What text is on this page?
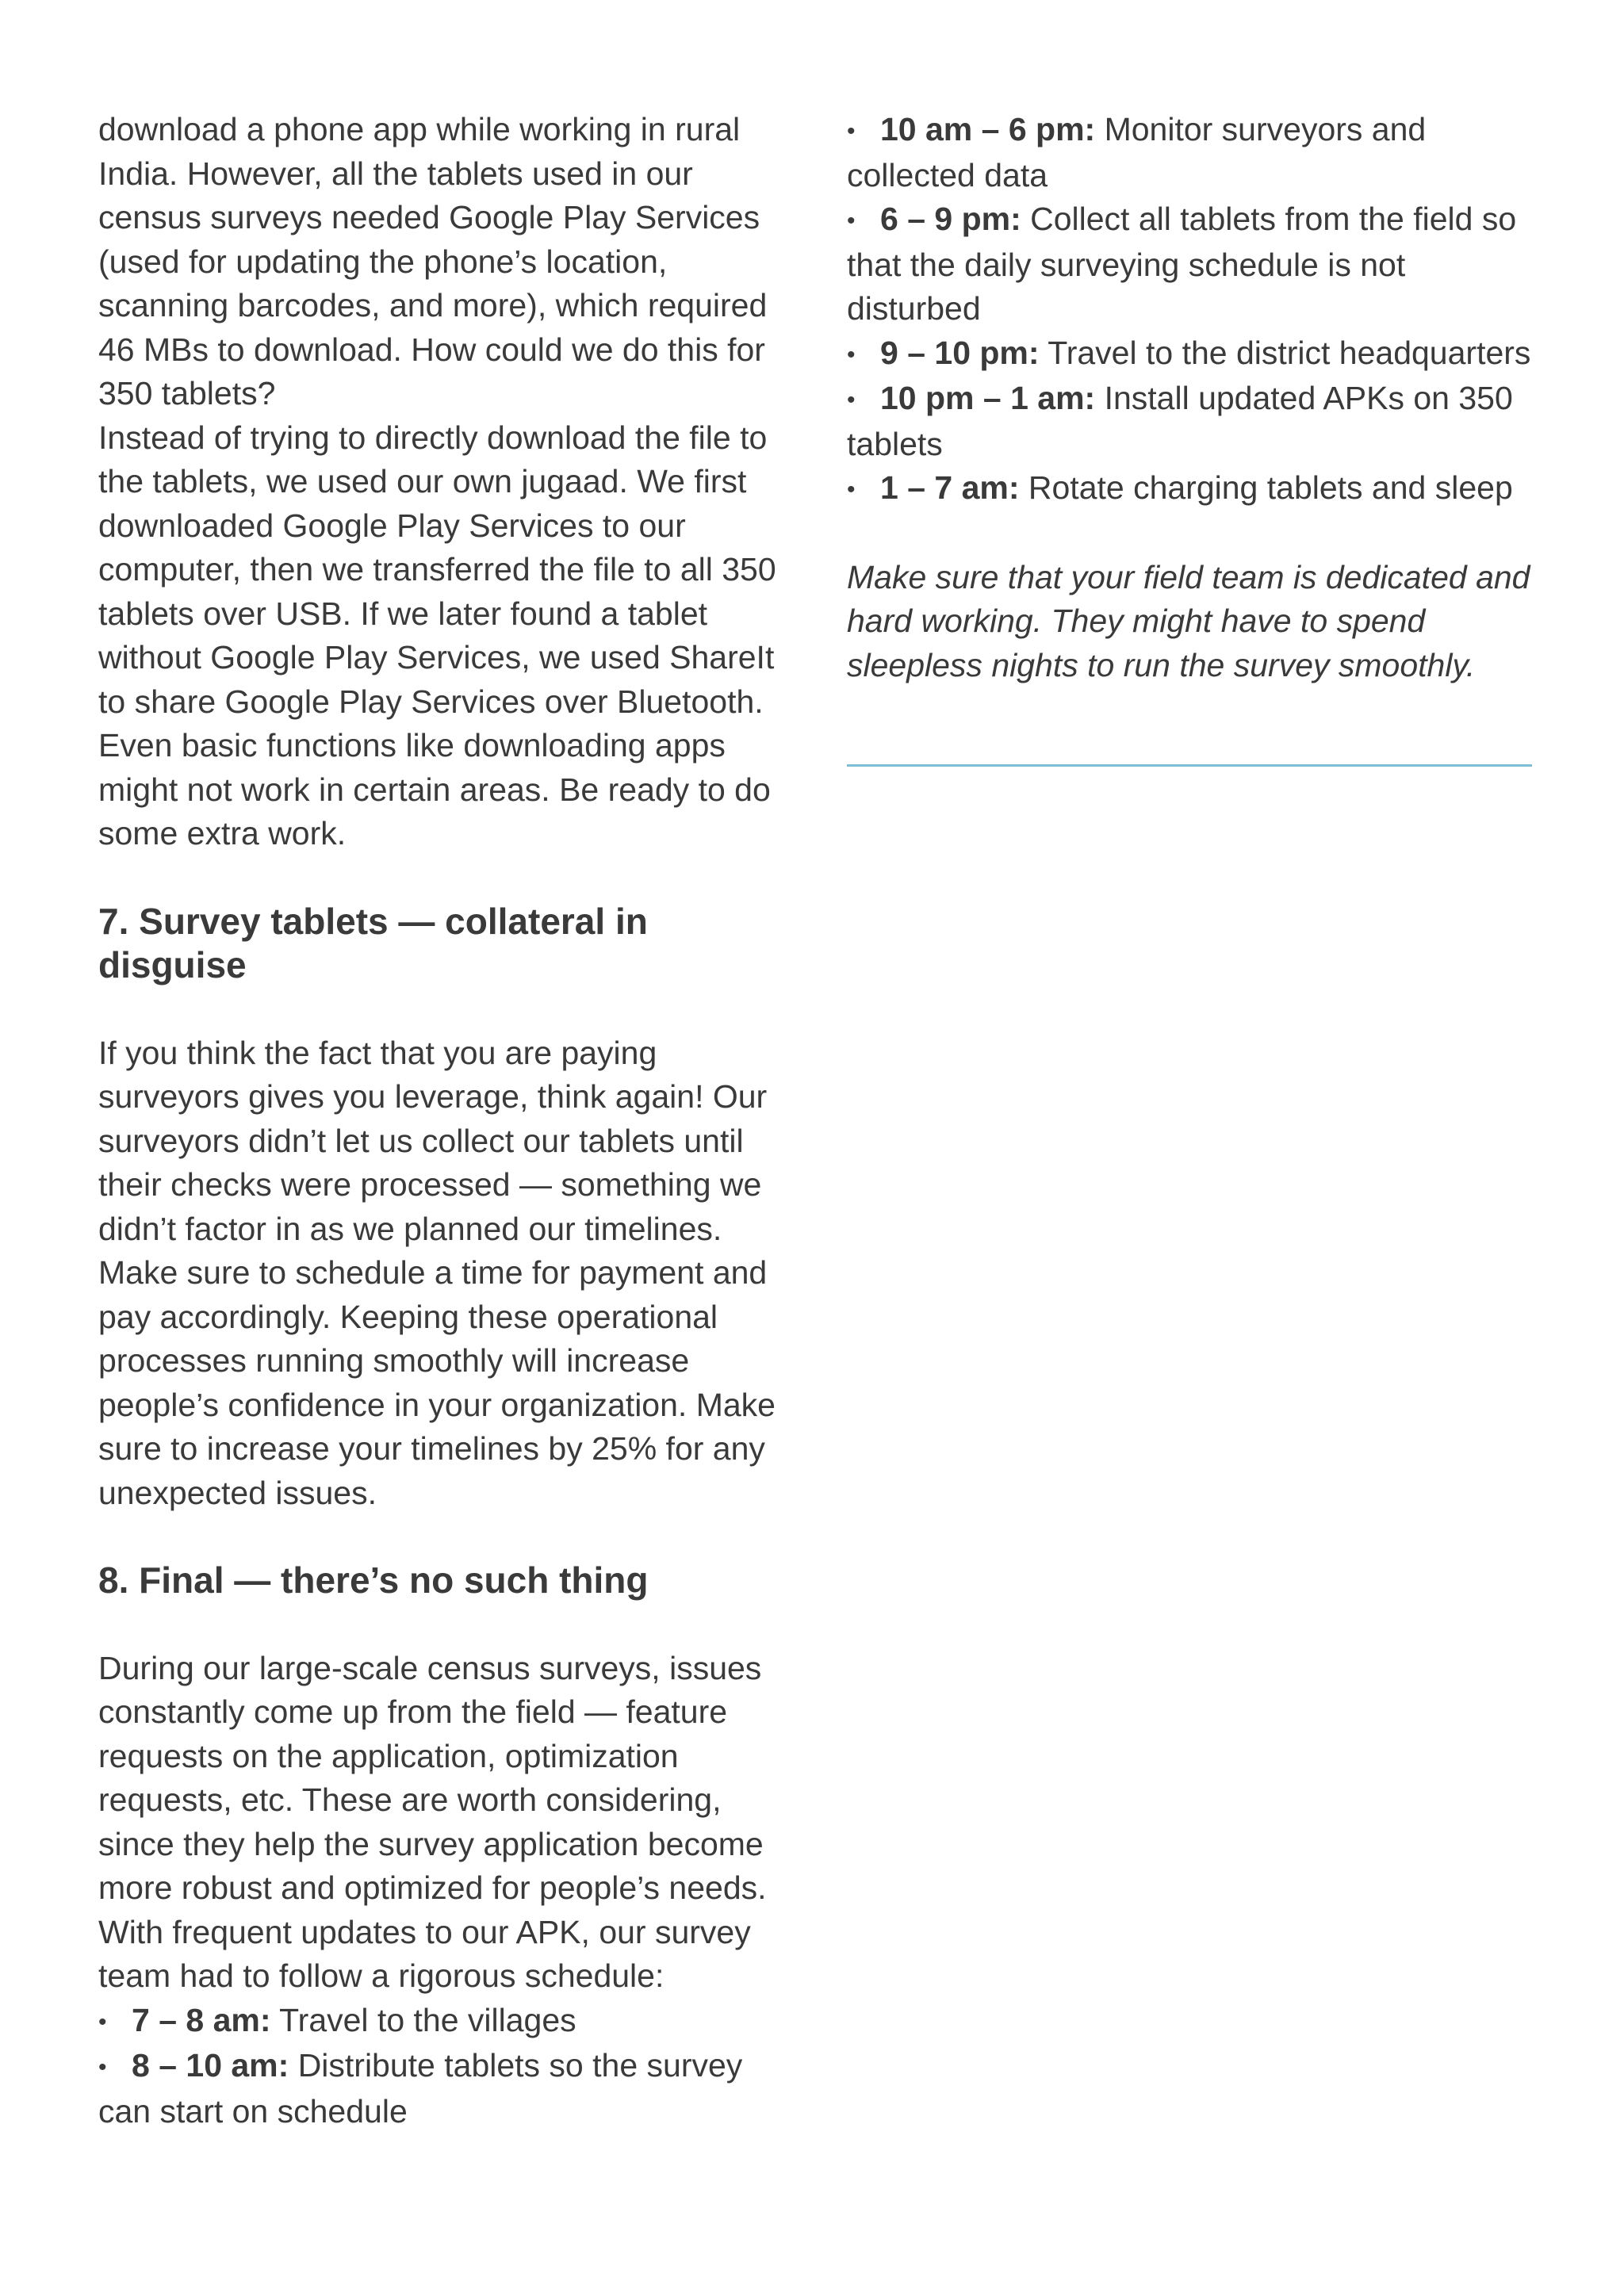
download a phone app while working in rural India. However, all the tablets used in our census surveys needed Google Play Services (used for updating the phone’s location, scanning barcodes, and more), which required 46 MBs to download. How could we do this for 350 tablets?

Instead of trying to directly download the file to the tablets, we used our own jugaad. We first downloaded Google Play Services to our computer, then we transferred the file to all 350 tablets over USB. If we later found a tablet without Google Play Services, we used ShareIt to share Google Play Services over Bluetooth.

Even basic functions like downloading apps might not work in certain areas. Be ready to do some extra work.

7. Survey tablets — collateral in disguise

If you think the fact that you are paying surveyors gives you leverage, think again! Our surveyors didn’t let us collect our tablets until their checks were processed — something we didn’t factor in as we planned our timelines. Make sure to schedule a time for payment and pay accordingly. Keeping these operational processes running smoothly will increase people’s confidence in your organization. Make sure to increase your timelines by 25% for any unexpected issues.

8. Final — there’s no such thing

During our large-scale census surveys, issues constantly come up from the field — feature requests on the application, optimization requests, etc. These are worth considering, since they help the survey application become more robust and optimized for people’s needs. With frequent updates to our APK, our survey team had to follow a rigorous schedule:

• 7 – 8 am: Travel to the villages
• 8 – 10 am: Distribute tablets so the survey can start on schedule
• 10 am – 6 pm: Monitor surveyors and collected data
• 6 – 9 pm: Collect all tablets from the field so that the daily surveying schedule is not disturbed
• 9 – 10 pm: Travel to the district headquarters
• 10 pm – 1 am: Install updated APKs on 350 tablets
• 1 – 7 am: Rotate charging tablets and sleep

Make sure that your field team is dedicated and hard working. They might have to spend sleepless nights to run the survey smoothly.
